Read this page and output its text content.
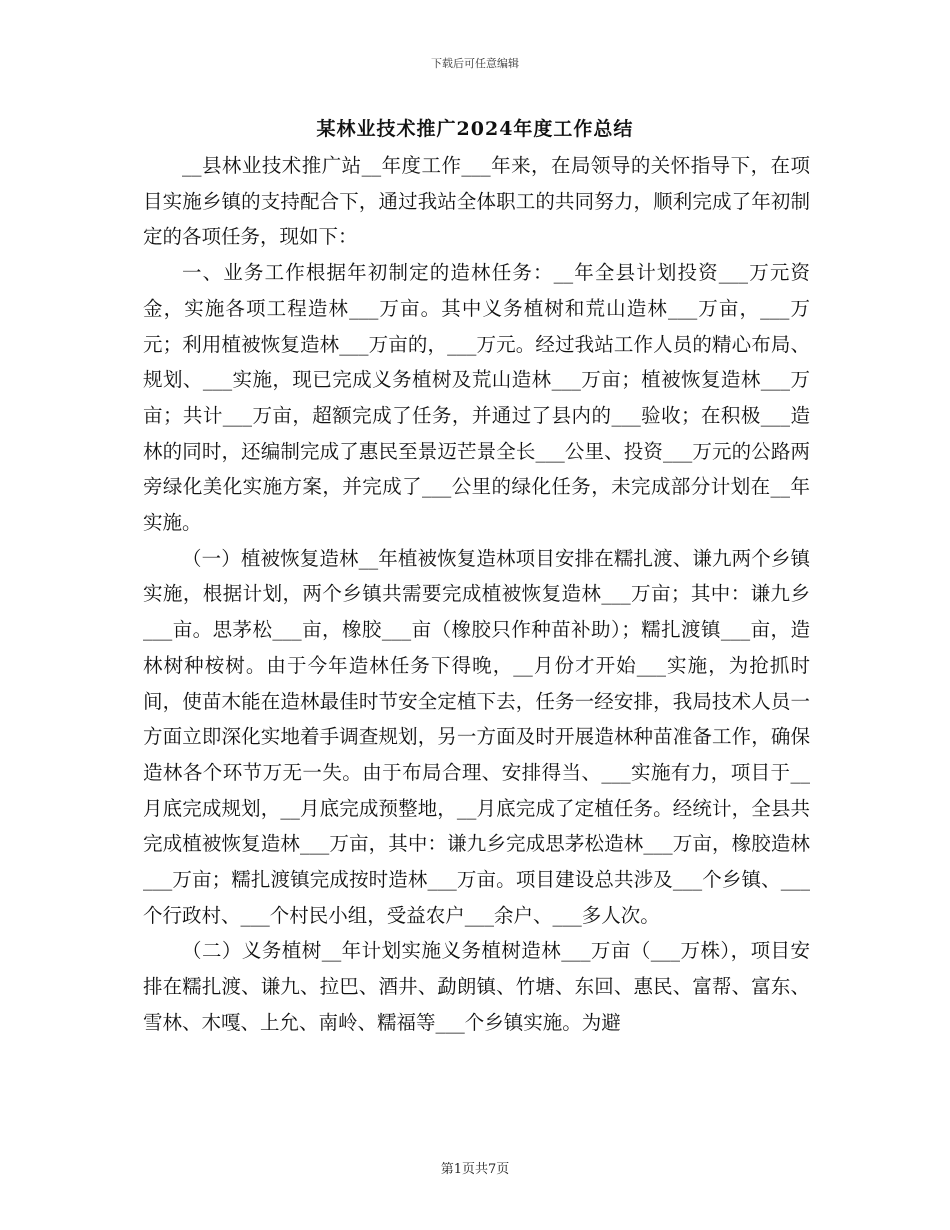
下载后可任意编辑
某林业技术推广2024年度工作总结

__县林业技术推广站__年度工作___年来，在局领导的关怀指导下，在项目实施乡镇的支持配合下，通过我站全体职工的共同努力，顺利完成了年初制定的各项任务，现如下：

一、业务工作根据年初制定的造林任务：__年全县计划投资___万元资金，实施各项工程造林___万亩。其中义务植树和荒山造林___万亩，___万元；利用植被恢复造林___万亩的，___万元。经过我站工作人员的精心布局、规划、___实施，现已完成义务植树及荒山造林___万亩；植被恢复造林___万亩；共计___万亩，超额完成了任务，并通过了县内的___验收；在积极___造林的同时，还编制完成了惠民至景迈芒景全长___公里、投资___万元的公路两旁绿化美化实施方案，并完成了___公里的绿化任务，未完成部分计划在__年实施。

（一）植被恢复造林__年植被恢复造林项目安排在糯扎渡、谦九两个乡镇实施，根据计划，两个乡镇共需要完成植被恢复造林___万亩；其中：谦九乡___亩。思茅松___亩，橡胶___亩（橡胶只作种苗补助）；糯扎渡镇___亩，造林树种桉树。由于今年造林任务下得晚，__月份才开始___实施，为抢抓时间，使苗木能在造林最佳时节安全定植下去，任务一经安排，我局技术人员一方面立即深化实地着手调查规划，另一方面及时开展造林种苗准备工作，确保造林各个环节万无一失。由于布局合理、安排得当、___实施有力，项目于__月底完成规划，__月底完成预整地，__月底完成了定植任务。经统计，全县共完成植被恢复造林___万亩，其中：谦九乡完成思茅松造林___万亩，橡胶造林___万亩；糯扎渡镇完成按时造林___万亩。项目建设总共涉及___个乡镇、___个行政村、___个村民小组，受益农户___余户、___多人次。

（二）义务植树__年计划实施义务植树造林___万亩（___万株），项目安排在糯扎渡、谦九、拉巴、酒井、勐朗镇、竹塘、东回、惠民、富帮、富东、雪林、木嘎、上允、南岭、糯福等___个乡镇实施。为避

第1页共7页
